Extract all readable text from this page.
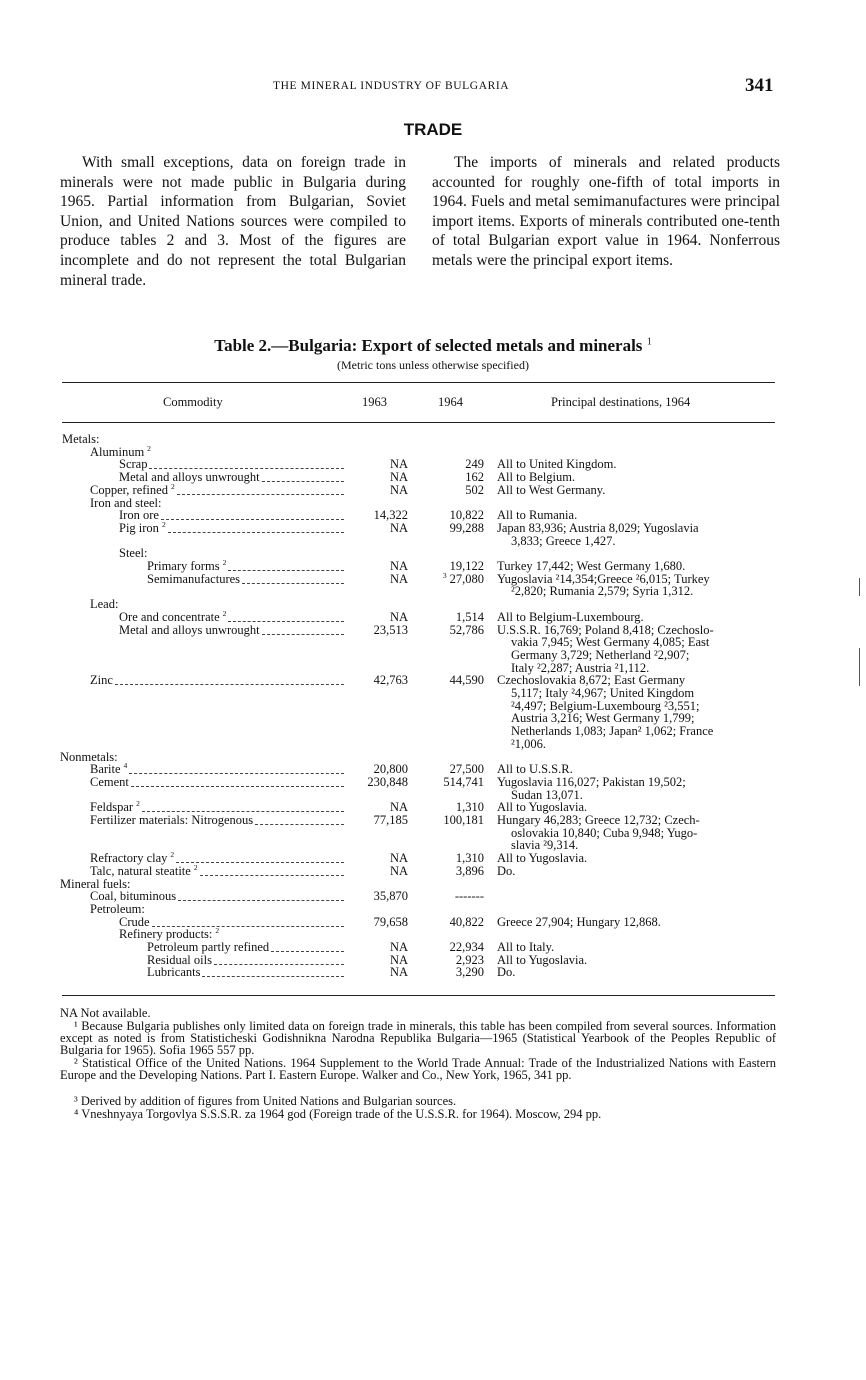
THE MINERAL INDUSTRY OF BULGARIA	341
TRADE
With small exceptions, data on foreign trade in minerals were not made public in Bulgaria during 1965. Partial information from Bulgarian, Soviet Union, and United Nations sources were compiled to produce tables 2 and 3. Most of the figures are incomplete and do not represent the total Bulgarian mineral trade.
The imports of minerals and related products accounted for roughly one-fifth of total imports in 1964. Fuels and metal semimanufactures were principal import items. Exports of minerals contributed one-tenth of total Bulgarian export value in 1964. Nonferrous metals were the principal export items.
Table 2.—Bulgaria: Export of selected metals and minerals $^1$
(Metric tons unless otherwise specified)
Commodity	1963	1964	Principal destinations, 1964
Metals:
Aluminum $^2$
Scrap	NA	249 All to United Kingdom.
Metal and alloys unwrought	NA	162 All to Belgium.
Copper, refined $^2$	NA	502 All to West Germany.
Iron and steel:
Iron ore	14,322	10,822 All to Rumania.
Pig iron $^2$	NA	99,288 Japan 83,936; Austria 8,029; Yugoslavia
3,833; Greece 1,427.
Steel:
Primary forms $^2$	NA	19,122 Turkey 17,442; West Germany 1,680.
Semimanufactures	NA	$^3$ 27,080 Yugoslavia ²14,354;Greece ²6,015; Turkey
²2,820; Rumania 2,579; Syria 1,312.
Lead:
Ore and concentrate $^2$	NA	1,514 All to Belgium-Luxembourg.
Metal and alloys unwrought	23,513	52,786 U.S.S.R. 16,769; Poland 8,418; Czechoslo-
vakia 7,945; West Germany 4,085; East
Germany 3,729; Netherland ²2,907;
Italy ²2,287; Austria ²1,112.
Zinc	42,763	44,590 Czechoslovakia 8,672; East Germany
5,117; Italy ²4,967; United Kingdom
²4,497; Belgium-Luxembourg ²3,551;
Austria 3,216; West Germany 1,799;
Netherlands 1,083; Japan² 1,062; France
²1,006.
Nonmetals:
Barite $^4$	20,800	27,500 All to U.S.S.R.
Cement	230,848	514,741 Yugoslavia 116,027; Pakistan 19,502;
Sudan 13,071.
Feldspar $^2$	NA	1,310 All to Yugoslavia.
Fertilizer materials: Nitrogenous	77,185	100,181 Hungary 46,283; Greece 12,732; Czech-
oslovakia 10,840; Cuba 9,948; Yugo-
slavia ²9,314.
Refractory clay $^2$	NA	1,310 All to Yugoslavia.
Talc, natural steatite $^2$	NA	3,896 Do.
Mineral fuels:
Coal, bituminous	35,870	-------
Petroleum:
Crude	79,658	40,822 Greece 27,904; Hungary 12,868.
Refinery products: $^2$
Petroleum partly refined	NA	22,934 All to Italy.
Residual oils	NA	2,923 All to Yugoslavia.
Lubricants	NA	3,290 Do.
NA Not available.
¹ Because Bulgaria publishes only limited data on foreign trade in minerals, this table has been compiled from several sources. Information except as noted is from Statisticheski Godishnikna Narodna Republika Bulgaria—1965 (Statistical Yearbook of the Peoples Republic of Bulgaria for 1965). Sofia 1965 557 pp.
² Statistical Office of the United Nations. 1964 Supplement to the World Trade Annual: Trade of the Industrialized Nations with Eastern Europe and the Developing Nations. Part I. Eastern Europe. Walker and Co., New York, 1965, 341 pp.
³ Derived by addition of figures from United Nations and Bulgarian sources.
⁴ Vneshnyaya Torgovlya S.S.S.R. za 1964 god (Foreign trade of the U.S.S.R. for 1964). Moscow, 294 pp.
